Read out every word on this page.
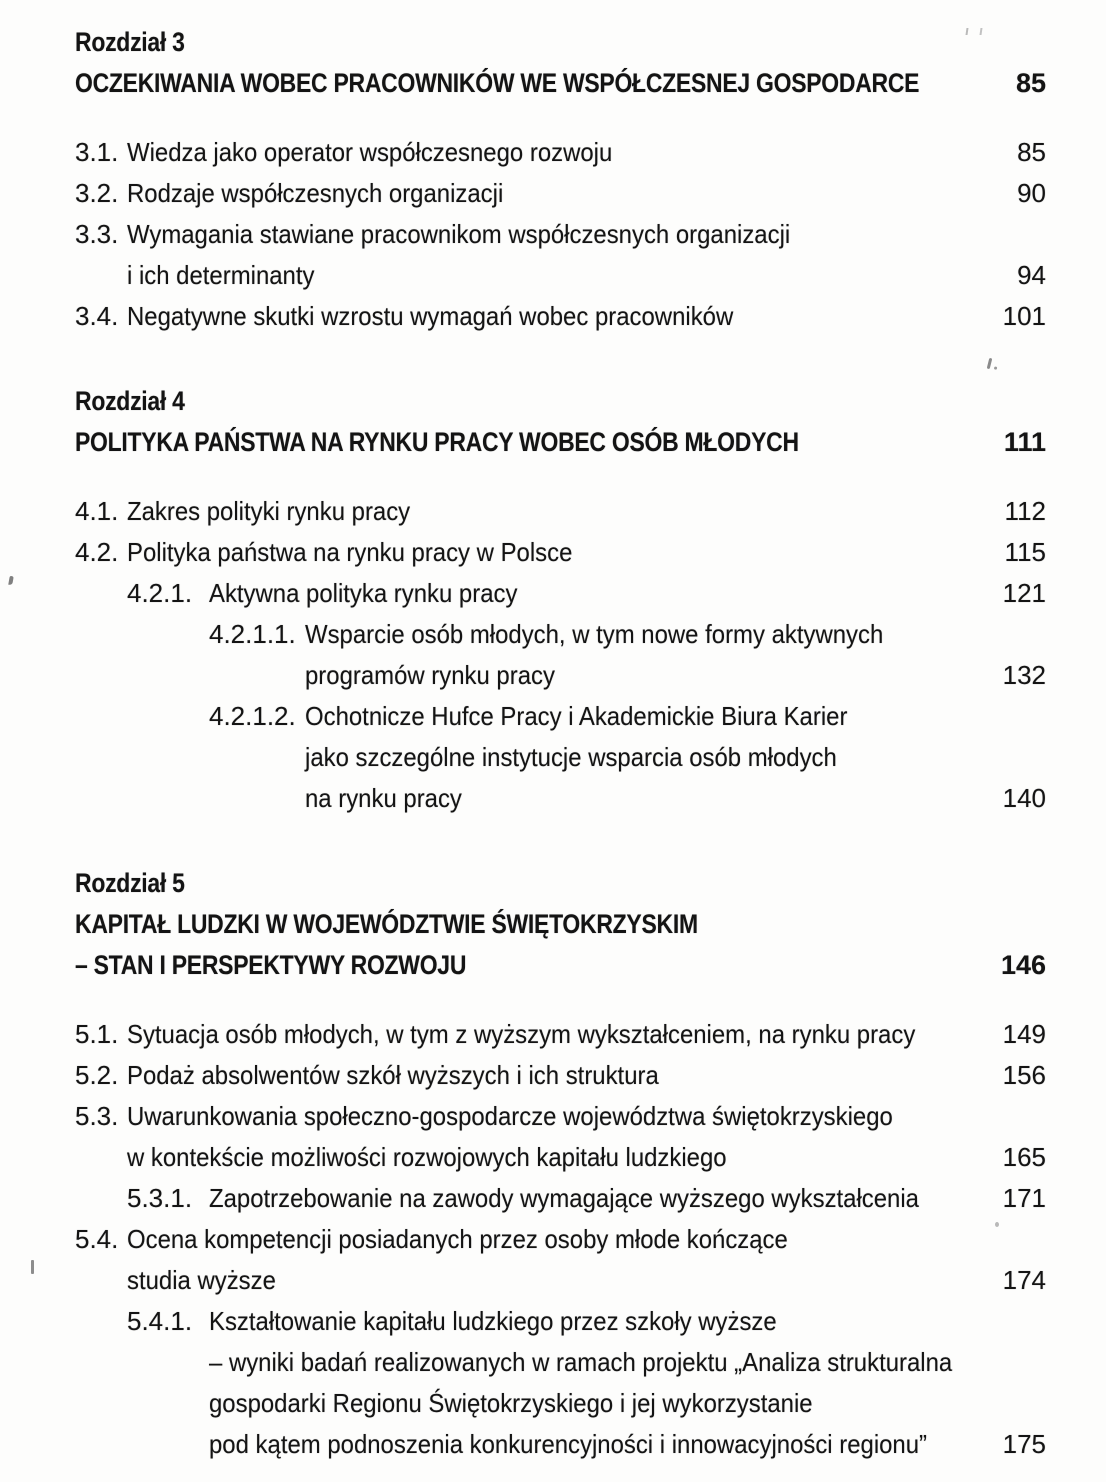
Rozdział 3
OCZEKIWANIA WOBEC PRACOWNIKÓW WE WSPÓŁCZESNEJ GOSPODARCE	85
3.1. Wiedza jako operator współczesnego rozwoju	85
3.2. Rodzaje współczesnych organizacji	90
3.3. Wymagania stawiane pracownikom współczesnych organizacji
i ich determinanty	94
3.4. Negatywne skutki wzrostu wymagań wobec pracowników	101
Rozdział 4
POLITYKA PAŃSTWA NA RYNKU PRACY WOBEC OSÓB MŁODYCH	111
4.1. Zakres polityki rynku pracy	112
4.2. Polityka państwa na rynku pracy w Polsce	115
4.2.1. Aktywna polityka rynku pracy	121
4.2.1.1. Wsparcie osób młodych, w tym nowe formy aktywnych
programów rynku pracy	132
4.2.1.2. Ochotnicze Hufce Pracy i Akademickie Biura Karier
jako szczególne instytucje wsparcia osób młodych
na rynku pracy	140
Rozdział 5
KAPITAŁ LUDZKI W WOJEWÓDZTWIE ŚWIĘTOKRZYSKIM
– STAN I PERSPEKTYWY ROZWOJU	146
5.1. Sytuacja osób młodych, w tym z wyższym wykształceniem, na rynku pracy	149
5.2. Podaż absolwentów szkół wyższych i ich struktura	156
5.3. Uwarunkowania społeczno-gospodarcze województwa świętokrzyskiego
w kontekście możliwości rozwojowych kapitału ludzkiego	165
5.3.1. Zapotrzebowanie na zawody wymagające wyższego wykształcenia	171
5.4. Ocena kompetencji posiadanych przez osoby młode kończące
studia wyższe	174
5.4.1. Kształtowanie kapitału ludzkiego przez szkoły wyższe
– wyniki badań realizowanych w ramach projektu „Analiza strukturalna
gospodarki Regionu Świętokrzyskiego i jej wykorzystanie
pod kątem podnoszenia konkurencyjności i innowacyjności regionu”	175
